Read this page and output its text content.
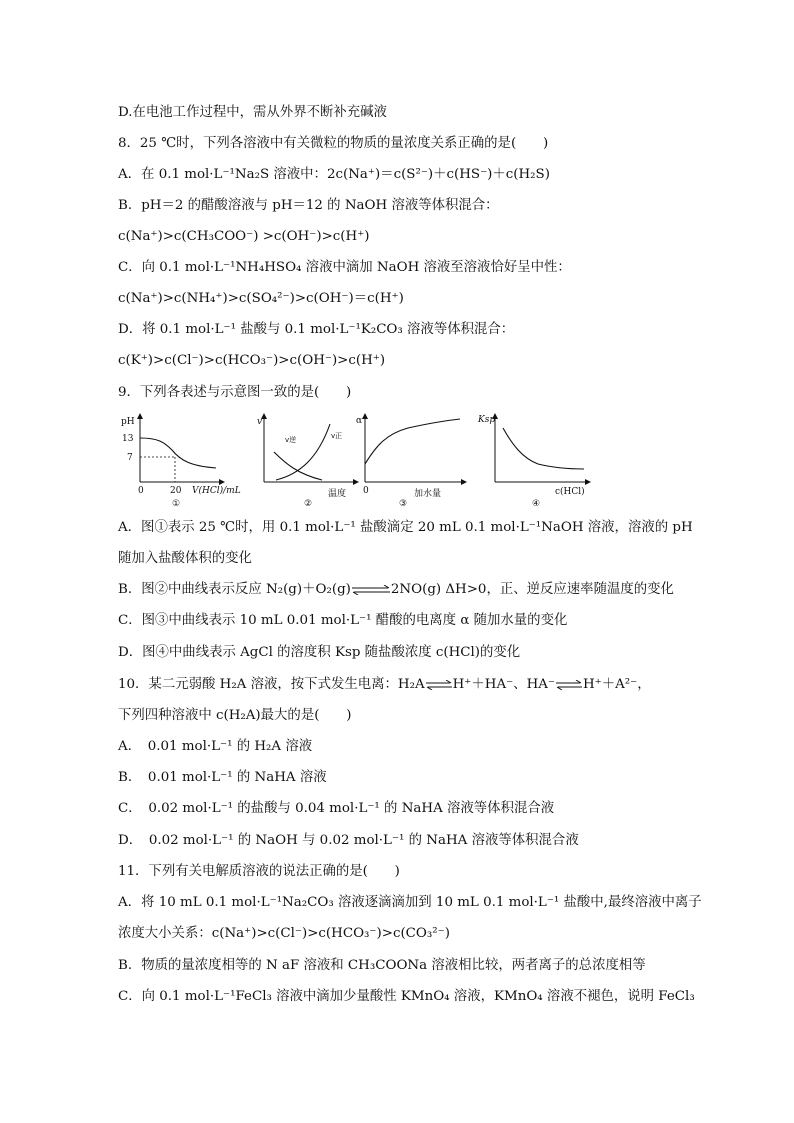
D.在电池工作过程中，需从外界不断补充碱液
8．25 ℃时，下列各溶液中有关微粒的物质的量浓度关系正确的是(　　)
A．在 0.1 mol·L⁻¹Na₂S 溶液中：2c(Na⁺)＝c(S²⁻)＋c(HS⁻)＋c(H₂S)
B．pH＝2 的醋酸溶液与 pH＝12 的 NaOH 溶液等体积混合：
c(Na⁺)>c(CH₃COO⁻) >c(OH⁻)>c(H⁺)
C．向 0.1 mol·L⁻¹NH₄HSO₄ 溶液中滴加 NaOH 溶液至溶液恰好呈中性：
c(Na⁺)>c(NH₄⁺)>c(SO₄²⁻)>c(OH⁻)＝c(H⁺)
D．将 0.1 mol·L⁻¹ 盐酸与 0.1 mol·L⁻¹K₂CO₃ 溶液等体积混合：
c(K⁺)>c(Cl⁻)>c(HCO₃⁻)>c(OH⁻)>c(H⁺)
9．下列各表述与示意图一致的是(　　)
pH
13
7
0	20 V(HCl)/mL
①
v
v逆	v正
温度
②
α
0	加水量
③
Ksp
c(HCl)
④
A．图①表示 25 ℃时，用 0.1 mol·L⁻¹ 盐酸滴定 20 mL 0.1 mol·L⁻¹NaOH 溶液，溶液的 pH
随加入盐酸体积的变化
B．图②中曲线表示反应 N₂(g)＋O₂(g)⇌2NO(g) ΔH>0，正、逆反应速率随温度的变化
C．图③中曲线表示 10 mL 0.01 mol·L⁻¹ 醋酸的电离度 α 随加水量的变化
D．图④中曲线表示 AgCl 的溶度积 Ksp 随盐酸浓度 c(HCl)的变化
10．某二元弱酸 H₂A 溶液，按下式发生电离：H₂A⇌H⁺＋HA⁻、HA⁻⇌H⁺＋A²⁻，
下列四种溶液中 c(H₂A)最大的是(　　)
A．　0.01 mol·L⁻¹ 的 H₂A 溶液
B．　0.01 mol·L⁻¹ 的 NaHA 溶液
C．　0.02 mol·L⁻¹ 的盐酸与 0.04 mol·L⁻¹ 的 NaHA 溶液等体积混合液
D．　0.02 mol·L⁻¹ 的 NaOH 与 0.02 mol·L⁻¹ 的 NaHA 溶液等体积混合液
11．下列有关电解质溶液的说法正确的是(　　)
A．将 10 mL 0.1 mol·L⁻¹Na₂CO₃ 溶液逐滴滴加到 10 mL 0.1 mol·L⁻¹ 盐酸中,最终溶液中离子
浓度大小关系：c(Na⁺)>c(Cl⁻)>c(HCO₃⁻)>c(CO₃²⁻)
B．物质的量浓度相等的 N aF 溶液和 CH₃COONa 溶液相比较，两者离子的总浓度相等
C．向 0.1 mol·L⁻¹FeCl₃ 溶液中滴加少量酸性 KMnO₄ 溶液，KMnO₄ 溶液不褪色，说明 FeCl₃
